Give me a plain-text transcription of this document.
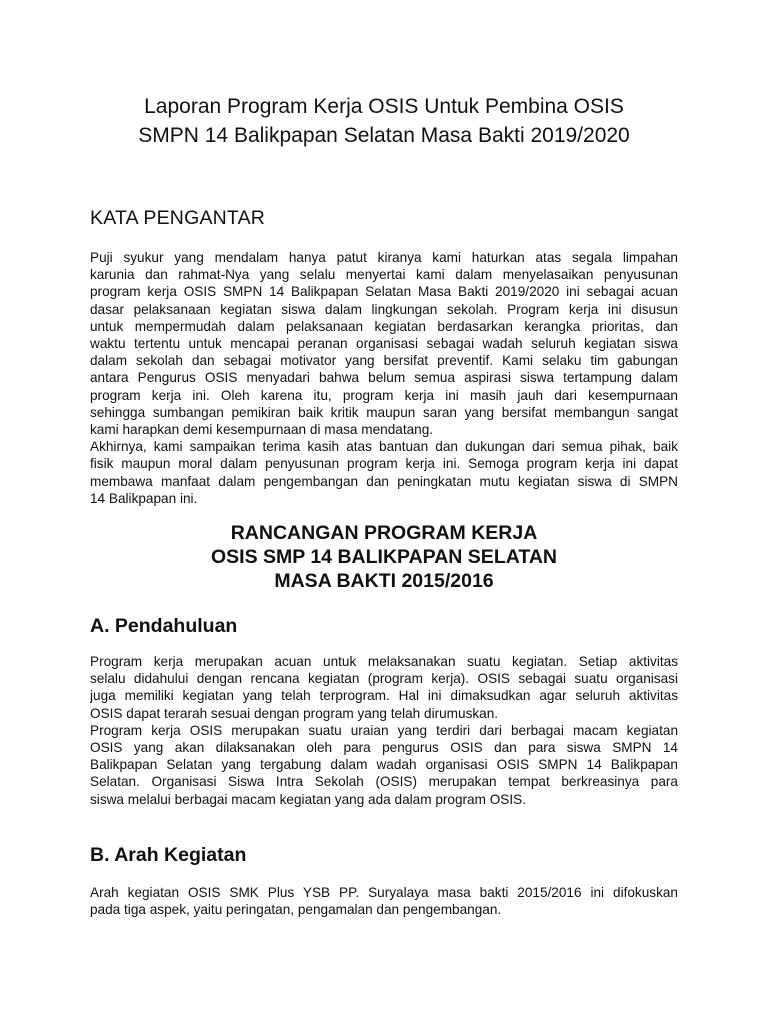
Laporan Program Kerja OSIS Untuk Pembina OSIS
SMPN 14 Balikpapan Selatan Masa Bakti 2019/2020
KATA PENGANTAR
Puji syukur yang mendalam hanya patut kiranya kami haturkan atas segala limpahan
karunia dan rahmat-Nya yang selalu menyertai kami dalam menyelasaikan penyusunan
program kerja OSIS SMPN 14 Balikpapan Selatan Masa Bakti 2019/2020 ini sebagai acuan
dasar pelaksanaan kegiatan siswa dalam lingkungan sekolah. Program kerja ini disusun
untuk mempermudah dalam pelaksanaan kegiatan berdasarkan kerangka prioritas, dan
waktu tertentu untuk mencapai peranan organisasi sebagai wadah seluruh kegiatan siswa
dalam sekolah dan sebagai motivator yang bersifat preventif. Kami selaku tim gabungan
antara Pengurus OSIS menyadari bahwa belum semua aspirasi siswa tertampung dalam
program kerja ini. Oleh karena itu, program kerja ini masih jauh dari kesempurnaan
sehingga sumbangan pemikiran baik kritik maupun saran yang bersifat membangun sangat
kami harapkan demi kesempurnaan di masa mendatang.
Akhirnya, kami sampaikan terima kasih atas bantuan dan dukungan dari semua pihak, baik
fisik maupun moral dalam penyusunan program kerja ini. Semoga program kerja ini dapat
membawa manfaat dalam pengembangan dan peningkatan mutu kegiatan siswa di SMPN
14 Balikpapan ini.
RANCANGAN PROGRAM KERJA
OSIS SMP 14 BALIKPAPAN SELATAN
MASA BAKTI 2015/2016
A. Pendahuluan
Program kerja merupakan acuan untuk melaksanakan suatu kegiatan. Setiap aktivitas
selalu didahului dengan rencana kegiatan (program kerja). OSIS sebagai suatu organisasi
juga memiliki kegiatan yang telah terprogram. Hal ini dimaksudkan agar seluruh aktivitas
OSIS dapat terarah sesuai dengan program yang telah dirumuskan.
Program kerja OSIS merupakan suatu uraian yang terdiri dari berbagai macam kegiatan
OSIS yang akan dilaksanakan oleh para pengurus OSIS dan para siswa SMPN 14
Balikpapan Selatan yang tergabung dalam wadah organisasi OSIS SMPN 14 Balikpapan
Selatan. Organisasi Siswa Intra Sekolah (OSIS) merupakan tempat berkreasinya para
siswa melalui berbagai macam kegiatan yang ada dalam program OSIS.
B. Arah Kegiatan
Arah kegiatan OSIS SMK Plus YSB PP. Suryalaya masa bakti 2015/2016 ini difokuskan
pada tiga aspek, yaitu peringatan, pengamalan dan pengembangan.
